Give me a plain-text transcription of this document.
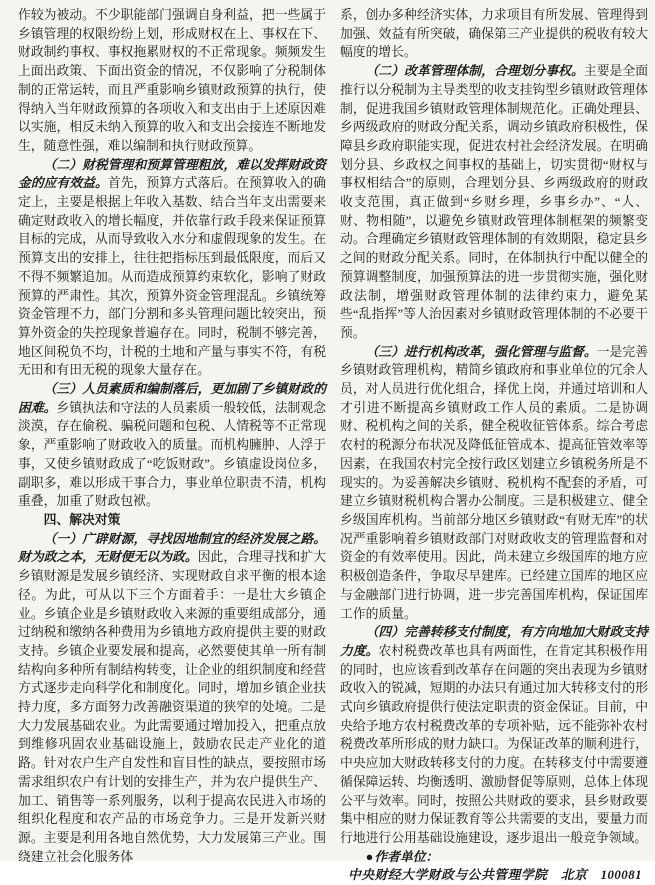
作较为被动。不少职能部门强调自身利益，把一些属于乡镇管理的权限纷纷上划，形成财权在上、事权在下、财政制约事权、事权拖累财权的不正常现象。频频发生上面出政策、下面出资金的情况，不仅影响了分税制体制的正常运转，而且严重影响乡镇财政预算的执行，使得纳入当年财政预算的各项收入和支出由于上述原因难以实施，相反未纳入预算的收入和支出会接连不断地发生，随意性强，难以编制和执行财政预算。

（二）财税管理和预算管理粗放，难以发挥财政资金的应有效益。首先，预算方式落后。在预算收入的确定上，主要是根据上年收入基数、结合当年支出需要来确定财政收入的增长幅度，并依靠行政手段来保证预算目标的完成，从而导致收入水分和虚假现象的发生。在预算支出的安排上，往往把指标压到最低限度，而后又不得不频繁追加。从而造成预算约束软化，影响了财政预算的严肃性。其次，预算外资金管理混乱。乡镇统筹资金管理不力，部门分割和多头管理问题比较突出，预算外资金的失控现象普遍存在。同时，税制不够完善，地区间税负不均，计税的土地和产量与事实不符，有税无田和有田无税的现象大量存在。

（三）人员素质和编制落后，更加剧了乡镇财政的困难。乡镇执法和守法的人员素质一般较低，法制观念淡漠，存在偷税、骗税问题和包税、人情税等不正常现象，严重影响了财政收入的质量。而机构臃肿、人浮于事，又使乡镇财政成了“吃饭财政”。乡镇虚设岗位多，副职多，难以形成干事合力，事业单位职责不清，机构重叠，加重了财政包袱。

四、解决对策

（一）广辟财源，寻找因地制宜的经济发展之路。财为政之本，无财便无以为政。因此，合理寻找和扩大乡镇财源是发展乡镇经济、实现财政自求平衡的根本途径。为此，可从以下三个方面着手：一是壮大乡镇企业。乡镇企业是乡镇财政收入来源的重要组成部分，通过纳税和缴纳各种费用为乡镇地方政府提供主要的财政支持。乡镇企业要发展和提高，必然要使其单一所有制结构向多种所有制结构转变，让企业的组织制度和经营方式逐步走向科学化和制度化。同时，增加乡镇企业扶持力度，多方面努力改善融资渠道的狭窄的处境。二是大力发展基础农业。为此需要通过增加投入，把重点放到维修巩固农业基础设施上，鼓励农民走产业化的道路。针对农户生产自发性和盲目性的缺点，要按照市场需求组织农户有计划的安排生产，并为农户提供生产、加工、销售等一系列服务，以利于提高农民进入市场的组织化程度和农产品的市场竞争力。三是开发新兴财源。主要是利用各地自然优势，大力发展第三产业。围绕建立社会化服务体

系，创办多种经济实体，力求项目有所发展、管理得到加强、效益有所突破，确保第三产业提供的税收有较大幅度的增长。

（二）改革管理体制，合理划分事权。主要是全面推行以分税制为主导类型的收支挂钩型乡镇财政管理体制，促进我国乡镇财政管理体制规范化。正确处理县、乡两级政府的财政分配关系，调动乡镇政府积极性，保障县乡政府职能实现，促进农村社会经济发展。在明确划分县、乡政权之间事权的基础上，切实贯彻“财权与事权相结合”的原则，合理划分县、乡两级政府的财政收支范围，真正做到“乡财乡理，乡事乡办”、“人、财、物相随”，以避免乡镇财政管理体制框架的频繁变动。合理确定乡镇财政管理体制的有效期限，稳定县乡之间的财政分配关系。同时，在体制执行中配以健全的预算调整制度，加强预算法的进一步贯彻实施，强化财政法制，增强财政管理体制的法律约束力，避免某些“乱指挥”等人治因素对乡镇财政管理体制的不必要干预。

（三）进行机构改革，强化管理与监督。一是完善乡镇财政管理机构，精简乡镇政府和事业单位的冗余人员，对人员进行优化组合，择优上岗，并通过培训和人才引进不断提高乡镇财政工作人员的素质。二是协调财、税机构之间的关系，健全税收征管体系。综合考虑农村的税源分布状况及降低征管成本、提高征管效率等因素，在我国农村完全按行政区划建立乡镇税务所是不现实的。为妥善解决乡镇财、税机构不配套的矛盾，可建立乡镇财税机构合署办公制度。三是积极建立、健全乡级国库机构。当前部分地区乡镇财政“有财无库”的状况严重影响着乡镇财政部门对财政收支的管理监督和对资金的有效率使用。因此，尚未建立乡级国库的地方应积极创造条件，争取尽早建库。已经建立国库的地区应与金融部门进行协调，进一步完善国库机构，保证国库工作的质量。

（四）完善转移支付制度，有方向地加大财政支持力度。农村税费改革也具有两面性，在肯定其积极作用的同时，也应该看到改革存在问题的突出表现为乡镇财政收入的锐减，短期的办法只有通过加大转移支付的形式向乡镇政府提供行使法定职责的资金保证。目前，中央给予地方农村税费改革的专项补贴，远不能弥补农村税费改革所形成的财力缺口。为保证改革的顺利进行，中央应加大财政转移支付的力度。在转移支付中需要遵循保障运转、均衡透明、激励督促等原则，总体上体现公平与效率。同时，按照公共财政的要求，县乡财政要集中相应的财力保证教育等公共需要的支出，要量力而行地进行公用基础设施建设，逐步退出一般竞争领域。

●作者单位：

中央财经大学财政与公共管理学院　北京　100081
